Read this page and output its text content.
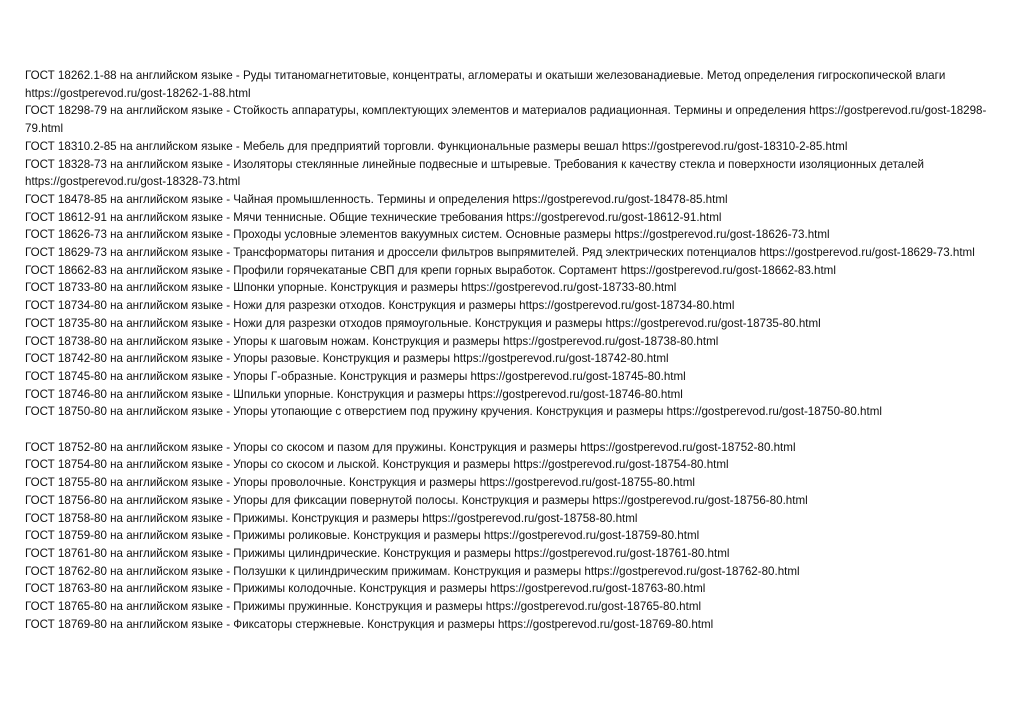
ГОСТ 18262.1-88 на английском языке - Руды титаномагнетитовые, концентраты, агломераты и окатыши железованадиевые. Метод определения гигроскопической влаги https://gostperevod.ru/gost-18262-1-88.html

ГОСТ 18298-79 на английском языке - Стойкость аппаратуры, комплектующих элементов и материалов радиационная. Термины и определения https://gostperevod.ru/gost-18298-79.html

ГОСТ 18310.2-85 на английском языке - Мебель для предприятий торговли. Функциональные размеры вешал https://gostperevod.ru/gost-18310-2-85.html

ГОСТ 18328-73 на английском языке - Изоляторы стеклянные линейные подвесные и штыревые. Требования к качеству стекла и поверхности изоляционных деталей https://gostperevod.ru/gost-18328-73.html

ГОСТ 18478-85 на английском языке - Чайная промышленность. Термины и определения https://gostperevod.ru/gost-18478-85.html

ГОСТ 18612-91 на английском языке - Мячи теннисные. Общие технические требования https://gostperevod.ru/gost-18612-91.html

ГОСТ 18626-73 на английском языке - Проходы условные элементов вакуумных систем. Основные размеры https://gostperevod.ru/gost-18626-73.html

ГОСТ 18629-73 на английском языке - Трансформаторы питания и дроссели фильтров выпрямителей. Ряд электрических потенциалов https://gostperevod.ru/gost-18629-73.html

ГОСТ 18662-83 на английском языке - Профили горячекатаные СВП для крепи горных выработок. Сортамент https://gostperevod.ru/gost-18662-83.html

ГОСТ 18733-80 на английском языке - Шпонки упорные. Конструкция и размеры https://gostperevod.ru/gost-18733-80.html

ГОСТ 18734-80 на английском языке - Ножи для разрезки отходов. Конструкция и размеры https://gostperevod.ru/gost-18734-80.html

ГОСТ 18735-80 на английском языке - Ножи для разрезки отходов прямоугольные. Конструкция и размеры https://gostperevod.ru/gost-18735-80.html

ГОСТ 18738-80 на английском языке - Упоры к шаговым ножам. Конструкция и размеры https://gostperevod.ru/gost-18738-80.html

ГОСТ 18742-80 на английском языке - Упоры разовые. Конструкция и размеры https://gostperevod.ru/gost-18742-80.html

ГОСТ 18745-80 на английском языке - Упоры Г-образные. Конструкция и размеры https://gostperevod.ru/gost-18745-80.html

ГОСТ 18746-80 на английском языке - Шпильки упорные. Конструкция и размеры https://gostperevod.ru/gost-18746-80.html

ГОСТ 18750-80 на английском языке - Упоры утопающие с отверстием под пружину кручения. Конструкция и размеры https://gostperevod.ru/gost-18750-80.html

ГОСТ 18752-80 на английском языке - Упоры со скосом и пазом для пружины. Конструкция и размеры https://gostperevod.ru/gost-18752-80.html

ГОСТ 18754-80 на английском языке - Упоры со скосом и лыской. Конструкция и размеры https://gostperevod.ru/gost-18754-80.html

ГОСТ 18755-80 на английском языке - Упоры проволочные. Конструкция и размеры https://gostperevod.ru/gost-18755-80.html

ГОСТ 18756-80 на английском языке - Упоры для фиксации повернутой полосы. Конструкция и размеры https://gostperevod.ru/gost-18756-80.html

ГОСТ 18758-80 на английском языке - Прижимы. Конструкция и размеры https://gostperevod.ru/gost-18758-80.html

ГОСТ 18759-80 на английском языке - Прижимы роликовые. Конструкция и размеры https://gostperevod.ru/gost-18759-80.html

ГОСТ 18761-80 на английском языке - Прижимы цилиндрические. Конструкция и размеры https://gostperevod.ru/gost-18761-80.html

ГОСТ 18762-80 на английском языке - Ползушки к цилиндрическим прижимам. Конструкция и размеры https://gostperevod.ru/gost-18762-80.html

ГОСТ 18763-80 на английском языке - Прижимы колодочные. Конструкция и размеры https://gostperevod.ru/gost-18763-80.html

ГОСТ 18765-80 на английском языке - Прижимы пружинные. Конструкция и размеры https://gostperevod.ru/gost-18765-80.html

ГОСТ 18769-80 на английском языке - Фиксаторы стержневые. Конструкция и размеры https://gostperevod.ru/gost-18769-80.html
